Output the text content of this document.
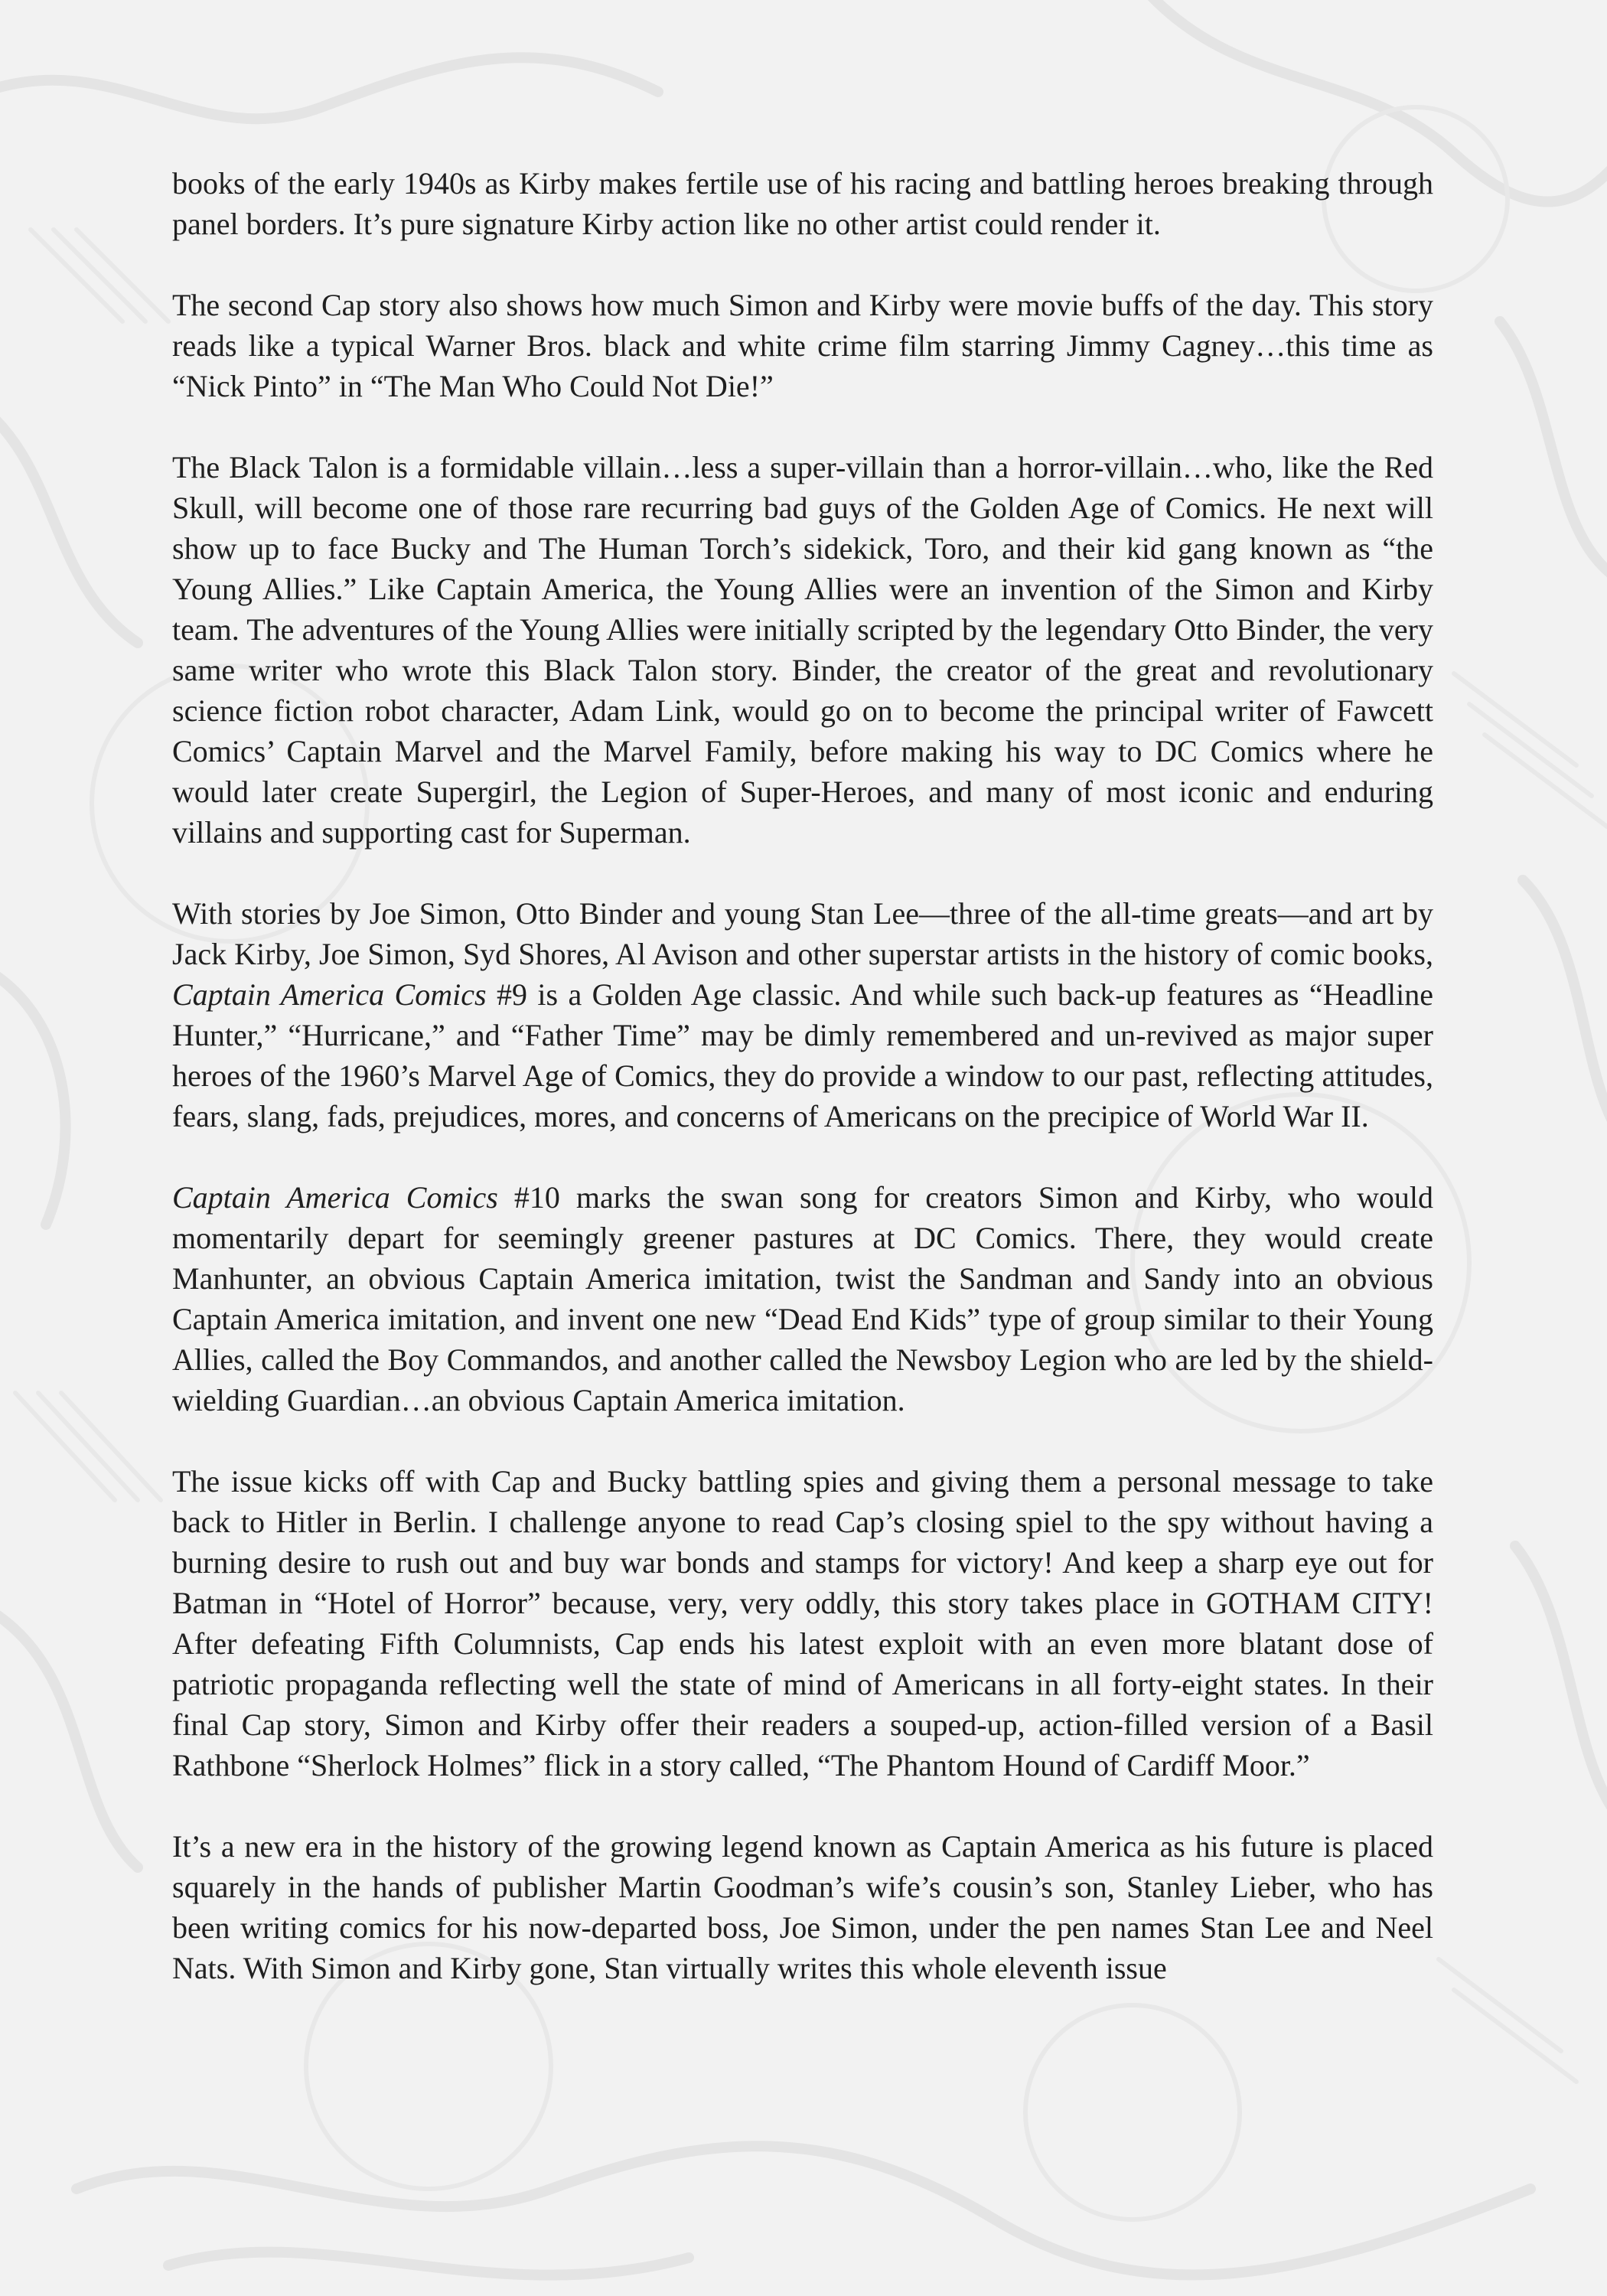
books of the early 1940s as Kirby makes fertile use of his racing and battling heroes breaking through panel borders. It’s pure signature Kirby action like no other artist could render it.

The second Cap story also shows how much Simon and Kirby were movie buffs of the day. This story reads like a typical Warner Bros. black and white crime film starring Jimmy Cagney…this time as “Nick Pinto” in “The Man Who Could Not Die!”

The Black Talon is a formidable villain…less a super-villain than a horror-villain…who, like the Red Skull, will become one of those rare recurring bad guys of the Golden Age of Comics. He next will show up to face Bucky and The Human Torch’s sidekick, Toro, and their kid gang known as “the Young Allies.” Like Captain America, the Young Allies were an invention of the Simon and Kirby team. The adventures of the Young Allies were initially scripted by the legendary Otto Binder, the very same writer who wrote this Black Talon story. Binder, the creator of the great and revolutionary science fiction robot character, Adam Link, would go on to become the principal writer of Fawcett Comics’ Captain Marvel and the Marvel Family, before making his way to DC Comics where he would later create Supergirl, the Legion of Super-Heroes, and many of most iconic and enduring villains and supporting cast for Superman.

With stories by Joe Simon, Otto Binder and young Stan Lee—three of the all-time greats—and art by Jack Kirby, Joe Simon, Syd Shores, Al Avison and other superstar artists in the history of comic books, Captain America Comics #9 is a Golden Age classic. And while such back-up features as “Headline Hunter,” “Hurricane,” and “Father Time” may be dimly remembered and un-revived as major super heroes of the 1960’s Marvel Age of Comics, they do provide a window to our past, reflecting attitudes, fears, slang, fads, prejudices, mores, and concerns of Americans on the precipice of World War II.

Captain America Comics #10 marks the swan song for creators Simon and Kirby, who would momentarily depart for seemingly greener pastures at DC Comics. There, they would create Manhunter, an obvious Captain America imitation, twist the Sandman and Sandy into an obvious Captain America imitation, and invent one new “Dead End Kids” type of group similar to their Young Allies, called the Boy Commandos, and another called the Newsboy Legion who are led by the shield-wielding Guardian…an obvious Captain America imitation.

The issue kicks off with Cap and Bucky battling spies and giving them a personal message to take back to Hitler in Berlin. I challenge anyone to read Cap’s closing spiel to the spy without having a burning desire to rush out and buy war bonds and stamps for victory! And keep a sharp eye out for Batman in “Hotel of Horror” because, very, very oddly, this story takes place in GOTHAM CITY! After defeating Fifth Columnists, Cap ends his latest exploit with an even more blatant dose of patriotic propaganda reflecting well the state of mind of Americans in all forty-eight states. In their final Cap story, Simon and Kirby offer their readers a souped-up, action-filled version of a Basil Rathbone “Sherlock Holmes” flick in a story called, “The Phantom Hound of Cardiff Moor.”

It’s a new era in the history of the growing legend known as Captain America as his future is placed squarely in the hands of publisher Martin Goodman’s wife’s cousin’s son, Stanley Lieber, who has been writing comics for his now-departed boss, Joe Simon, under the pen names Stan Lee and Neel Nats. With Simon and Kirby gone, Stan virtually writes this whole eleventh issue
